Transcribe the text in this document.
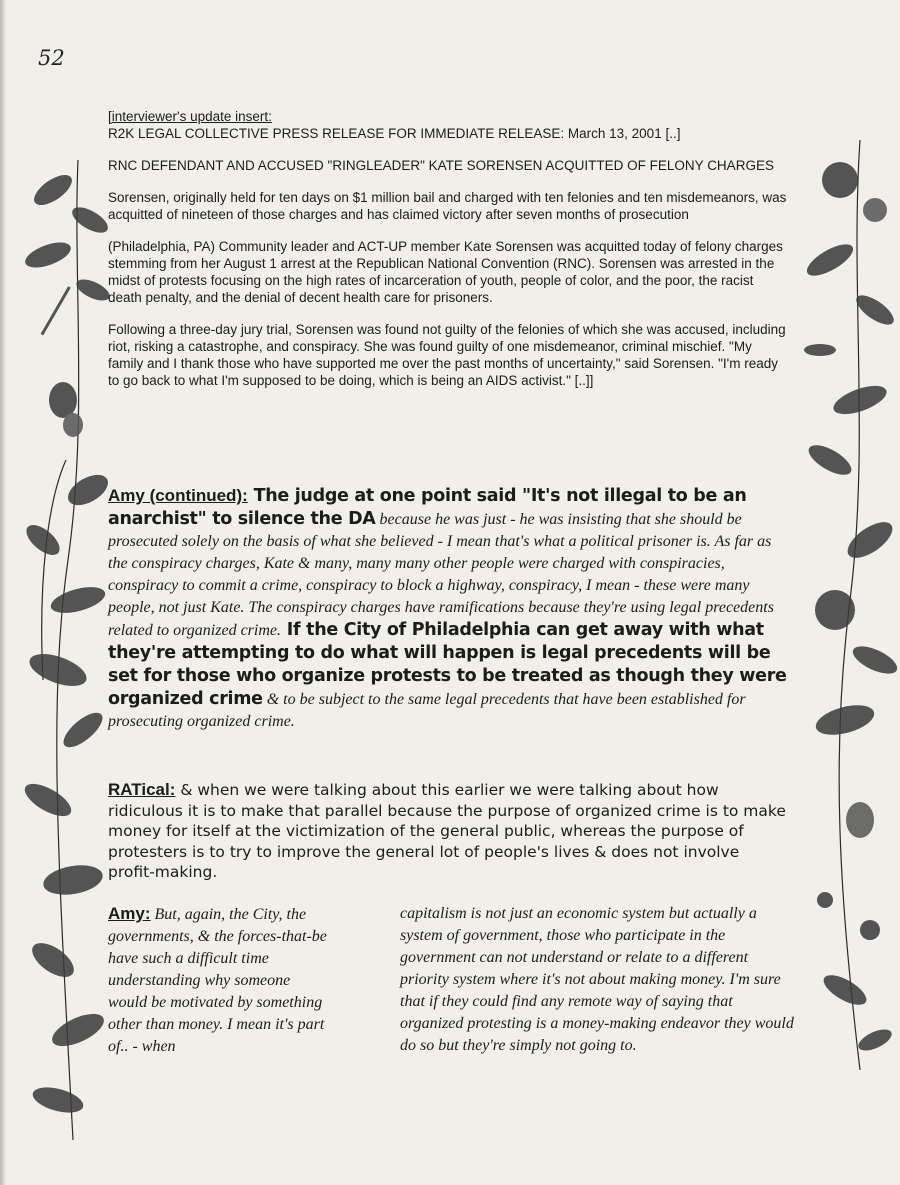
52

[interviewer's update insert:

R2K LEGAL COLLECTIVE PRESS RELEASE FOR IMMEDIATE RELEASE: March 13, 2001 [..]

RNC DEFENDANT AND ACCUSED "RINGLEADER" KATE SORENSEN ACQUITTED OF FELONY CHARGES

Sorensen, originally held for ten days on $1 million bail and charged with ten felonies and ten misdemeanors, was acquitted of nineteen of those charges and has claimed victory after seven months of prosecution

(Philadelphia, PA) Community leader and ACT-UP member Kate Sorensen was acquitted today of felony charges stemming from her August 1 arrest at the Republican National Convention (RNC). Sorensen was arrested in the midst of protests focusing on the high rates of incarceration of youth, people of color, and the poor, the racist death penalty, and the denial of decent health care for prisoners.

Following a three-day jury trial, Sorensen was found not guilty of the felonies of which she was accused, including riot, risking a catastrophe, and conspiracy. She was found guilty of one misdemeanor, criminal mischief. "My family and I thank those who have supported me over the past months of uncertainty," said Sorensen. "I'm ready to go back to what I'm supposed to be doing, which is being an AIDS activist." [..]]

Amy (continued): The judge at one point said "It's not illegal to be an anarchist" to silence the DA because he was just - he was insisting that she should be prosecuted solely on the basis of what she believed - I mean that's what a political prisoner is. As far as the conspiracy charges, Kate & many, many many other people were charged with conspiracies, conspiracy to commit a crime, conspiracy to block a highway, conspiracy, I mean - these were many people, not just Kate. The conspiracy charges have ramifications because they're using legal precedents related to organized crime. If the City of Philadelphia can get away with what they're attempting to do what will happen is legal precedents will be set for those who organize protests to be treated as though they were organized crime & to be subject to the same legal precedents that have been established for prosecuting organized crime.
RATical: & when we were talking about this earlier we were talking about how ridiculous it is to make that parallel because the purpose of organized crime is to make money for itself at the victimization of the general public, whereas the purpose of protesters is to try to improve the general lot of people's lives & does not involve profit-making.
Amy: But, again, the City, the governments, & the forces-that-be have such a difficult time understanding why someone would be motivated by something other than money. I mean it's part of.. - when
capitalism is not just an economic system but actually a system of government, those who participate in the government can not understand or relate to a different priority system where it's not about making money. I'm sure that if they could find any remote way of saying that organized protesting is a money-making endeavor they would do so but they're simply not going to.
